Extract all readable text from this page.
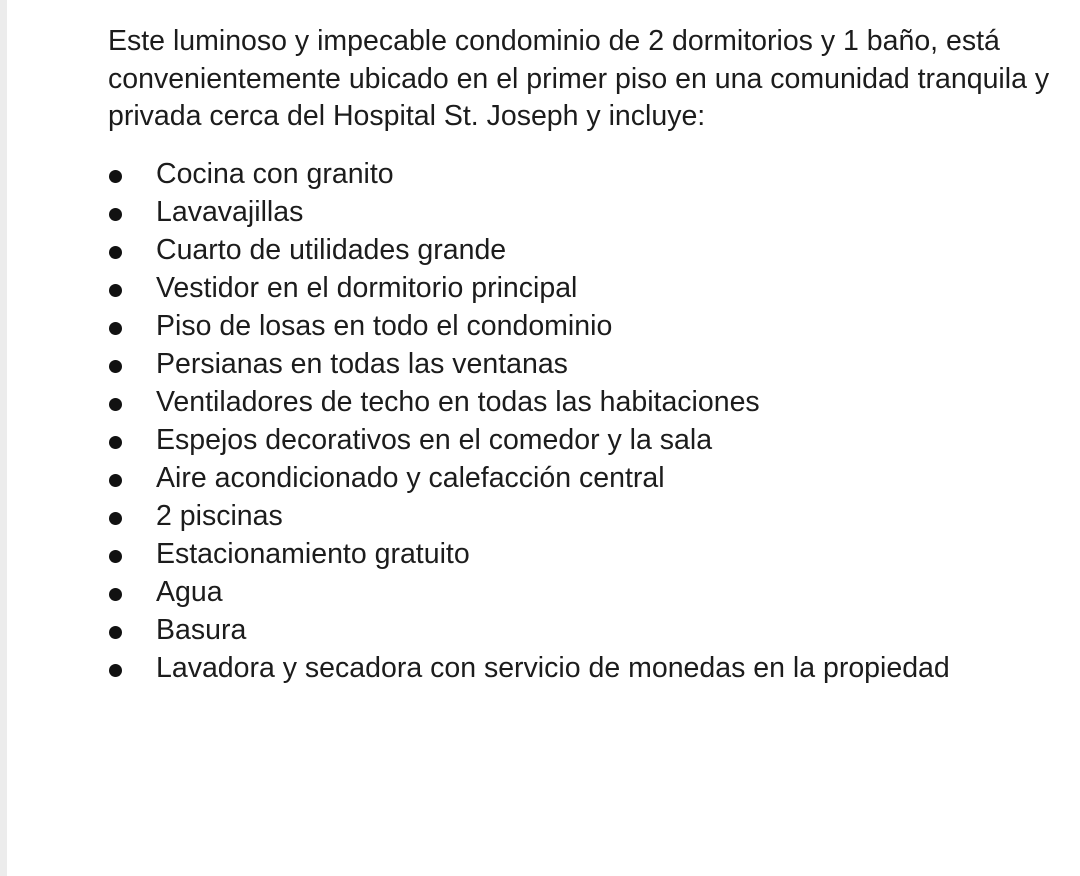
Este luminoso y impecable condominio de 2 dormitorios y 1 baño, está convenientemente ubicado en el primer piso en una comunidad tranquila y privada cerca del Hospital St. Joseph y incluye:

Cocina con granito
Lavavajillas
Cuarto de utilidades grande
Vestidor en el dormitorio principal
Piso de losas en todo el condominio
Persianas en todas las ventanas
Ventiladores de techo en todas las habitaciones
Espejos decorativos en el comedor y la sala
Aire acondicionado y calefacción central
2 piscinas
Estacionamiento gratuito
Agua
Basura
Lavadora y secadora con servicio de monedas en la propiedad
